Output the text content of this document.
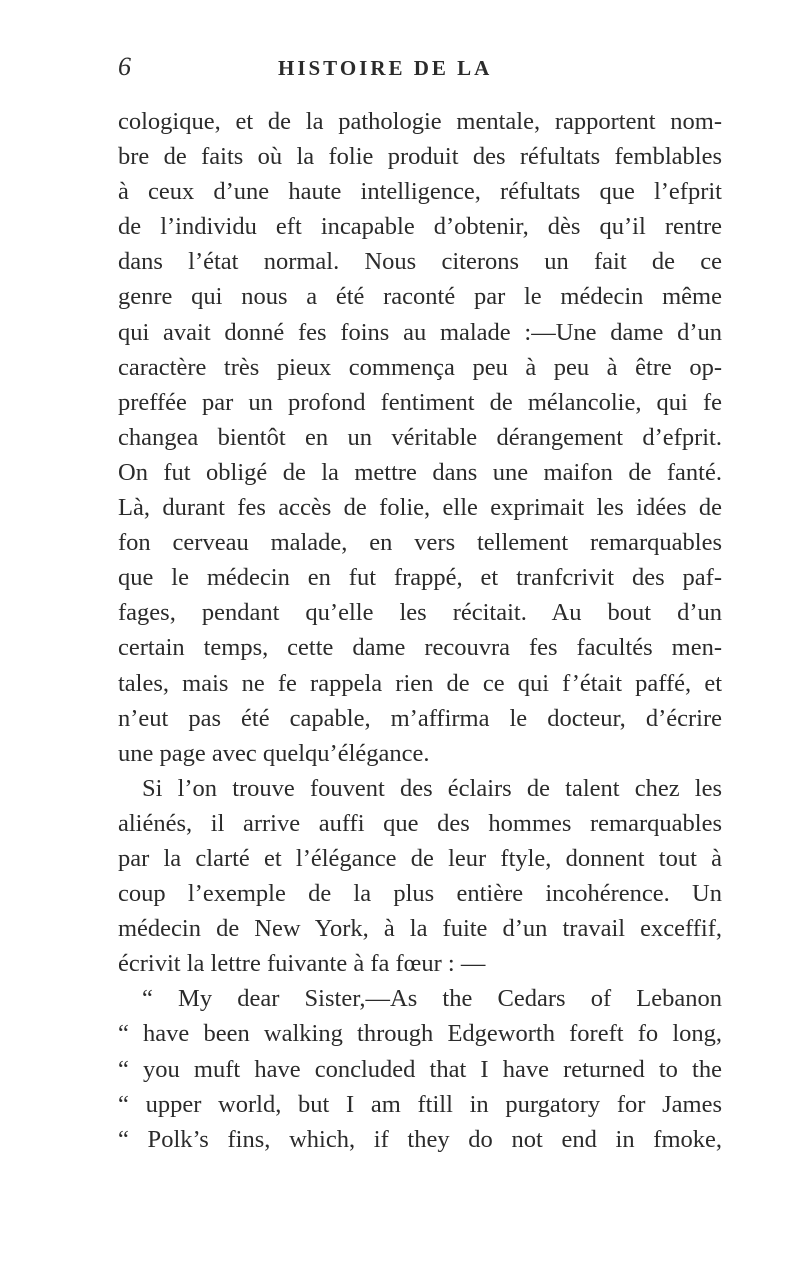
6	HISTOIRE DE LA
cologique, et de la pathologie mentale, rapportent nom-
bre de faits où la folie produit des réfultats femblables
à ceux d’une haute intelligence, réfultats que l’efprit
de l’individu eft incapable d’obtenir, dès qu’il rentre
dans l’état normal. Nous citerons un fait de ce
genre qui nous a été raconté par le médecin même
qui avait donné fes foins au malade :—Une dame d’un
caractère très pieux commença peu à peu à être op-
preffée par un profond fentiment de mélancolie, qui fe
changea bientôt en un véritable dérangement d’efprit.
On fut obligé de la mettre dans une maifon de fanté.
Là, durant fes accès de folie, elle exprimait les idées de
fon cerveau malade, en vers tellement remarquables
que le médecin en fut frappé, et tranfcrivit des paf-
fages, pendant qu’elle les récitait. Au bout d’un
certain temps, cette dame recouvra fes facultés men-
tales, mais ne fe rappela rien de ce qui f’était paffé, et
n’eut pas été capable, m’affirma le docteur, d’écrire
une page avec quelqu’élégance.
Si l’on trouve fouvent des éclairs de talent chez les
aliénés, il arrive auffi que des hommes remarquables
par la clarté et l’élégance de leur ftyle, donnent tout à
coup l’exemple de la plus entière incohérence. Un
médecin de New York, à la fuite d’un travail exceffif,
écrivit la lettre fuivante à fa fœur : —
“ My dear Sister,—As the Cedars of Lebanon
“ have been walking through Edgeworth foreft fo long,
“ you muft have concluded that I have returned to the
“ upper world, but I am ftill in purgatory for James
“ Polk’s fins, which, if they do not end in fmoke,
